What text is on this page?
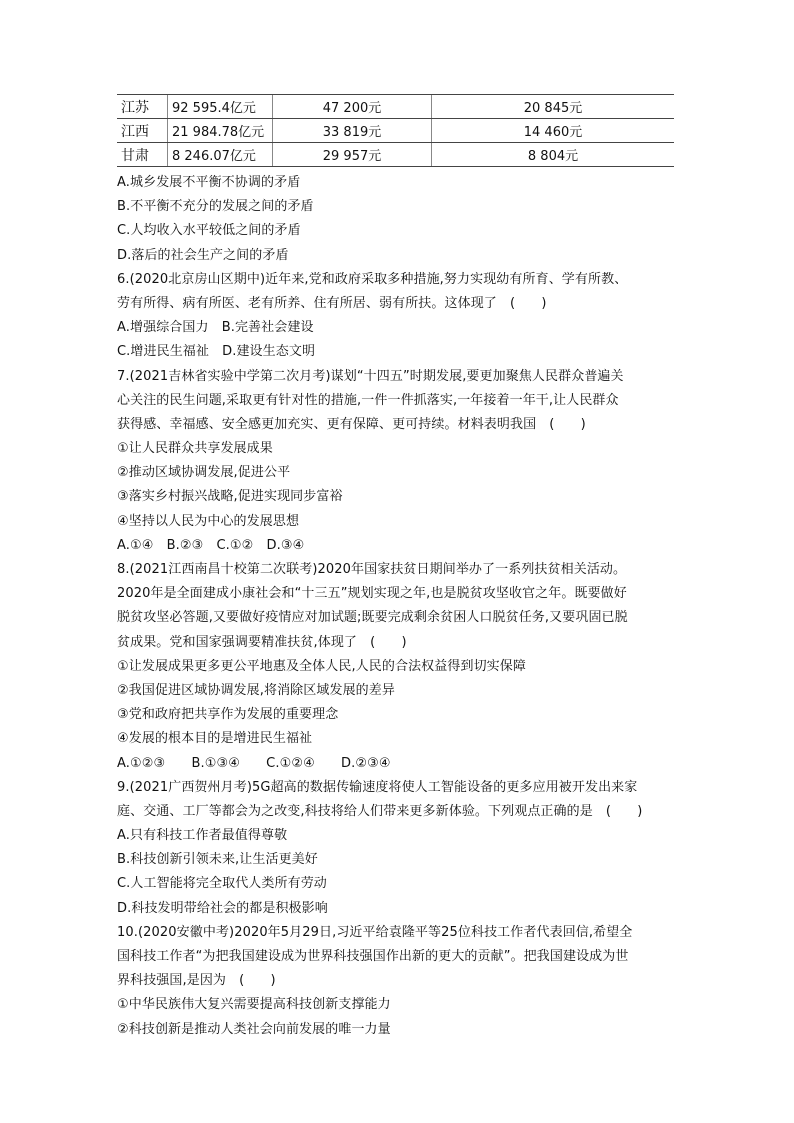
江苏	92 595.4亿元	47 200元	20 845元
江西	21 984.78亿元	33 819元	14 460元
甘肃	8 246.07亿元	29 957元	8 804元
A.城乡发展不平衡不协调的矛盾
B.不平衡不充分的发展之间的矛盾
C.人均收入水平较低之间的矛盾
D.落后的社会生产之间的矛盾
6.(2020北京房山区期中)近年来,党和政府采取多种措施,努力实现幼有所育、学有所教、
劳有所得、病有所医、老有所养、住有所居、弱有所扶。这体现了　(　　)
A.增强综合国力　B.完善社会建设
C.增进民生福祉　D.建设生态文明
7.(2021吉林省实验中学第二次月考)谋划“十四五”时期发展,要更加聚焦人民群众普遍关
心关注的民生问题,采取更有针对性的措施,一件一件抓落实,一年接着一年干,让人民群众
获得感、幸福感、安全感更加充实、更有保障、更可持续。材料表明我国　(　　)
①让人民群众共享发展成果
②推动区域协调发展,促进公平
③落实乡村振兴战略,促进实现同步富裕
④坚持以人民为中心的发展思想
A.①④　B.②③　C.①②　D.③④
8.(2021江西南昌十校第二次联考)2020年国家扶贫日期间举办了一系列扶贫相关活动。
2020年是全面建成小康社会和“十三五”规划实现之年,也是脱贫攻坚收官之年。既要做好
脱贫攻坚必答题,又要做好疫情应对加试题;既要完成剩余贫困人口脱贫任务,又要巩固已脱
贫成果。党和国家强调要精准扶贫,体现了　(　　)
①让发展成果更多更公平地惠及全体人民,人民的合法权益得到切实保障
②我国促进区域协调发展,将消除区域发展的差异
③党和政府把共享作为发展的重要理念
④发展的根本目的是增进民生福祉
A.①②③　　B.①③④　　C.①②④　　D.②③④
9.(2021广西贺州月考)5G超高的数据传输速度将使人工智能设备的更多应用被开发出来家
庭、交通、工厂等都会为之改变,科技将给人们带来更多新体验。下列观点正确的是　(　　)
A.只有科技工作者最值得尊敬
B.科技创新引领未来,让生活更美好
C.人工智能将完全取代人类所有劳动
D.科技发明带给社会的都是积极影响
10.(2020安徽中考)2020年5月29日,习近平给袁隆平等25位科技工作者代表回信,希望全
国科技工作者“为把我国建设成为世界科技强国作出新的更大的贡献”。把我国建设成为世
界科技强国,是因为　(　　)
①中华民族伟大复兴需要提高科技创新支撑能力
②科技创新是推动人类社会向前发展的唯一力量
